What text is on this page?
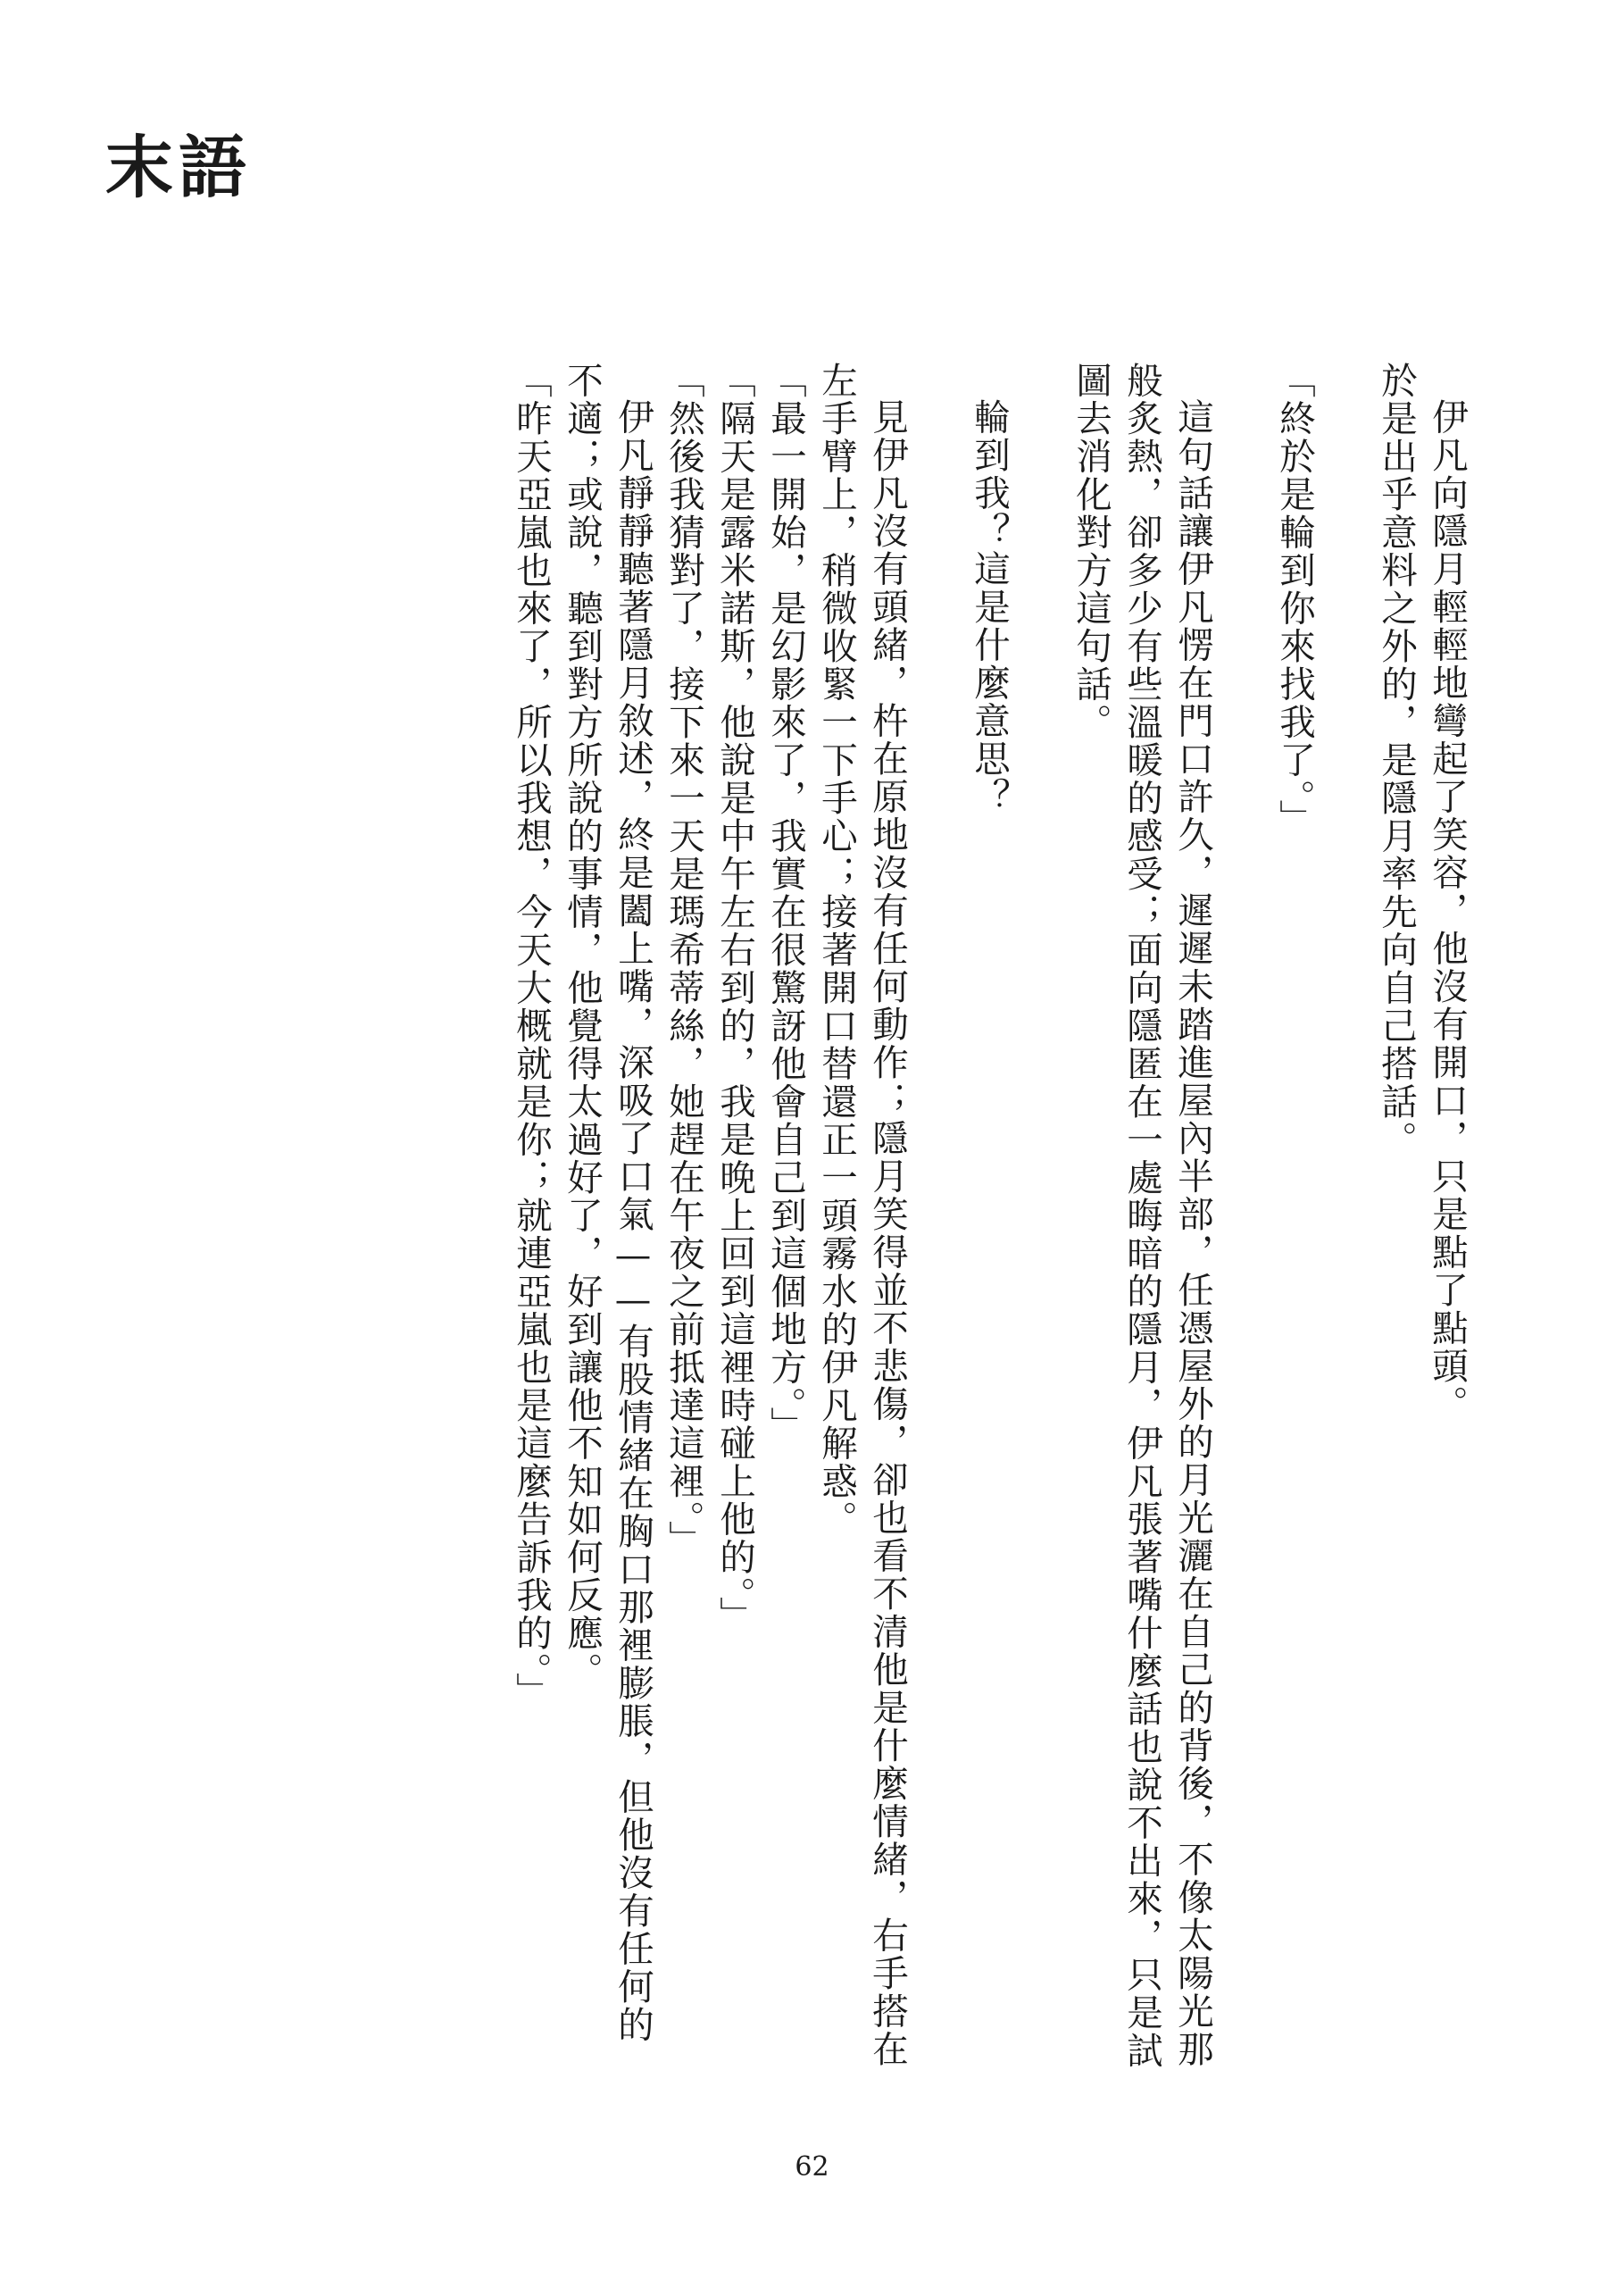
末語

伊凡向隱月輕輕地彎起了笑容，他沒有開口，只是點了點頭。

於是出乎意料之外的，是隱月率先向自己搭話。

「終於是輪到你來找我了。」

這句話讓伊凡愣在門口許久，遲遲未踏進屋內半部，任憑屋外的月光灑在自己的背後，不像太陽光那般炙熱，卻多少有些溫暖的感受；面向隱匿在一處晦暗的隱月，伊凡張著嘴什麼話也說不出來，只是試圖去消化對方這句話。

輪到我？這是什麼意思？

見伊凡沒有頭緒，杵在原地沒有任何動作；隱月笑得並不悲傷，卻也看不清他是什麼情緒，右手搭在左手臂上，稍微收緊一下手心；接著開口替還正一頭霧水的伊凡解惑。

「最一開始，是幻影來了，我實在很驚訝他會自己到這個地方。」

「隔天是露米諾斯，他說是中午左右到的，我是晚上回到這裡時碰上他的。」

「然後我猜對了，接下來一天是瑪希蒂絲，她趕在午夜之前抵達這裡。」

伊凡靜靜聽著隱月敘述，終是闔上嘴，深吸了口氣——有股情緒在胸口那裡膨脹，但他沒有任何的不適；或說，聽到對方所說的事情，他覺得太過好了，好到讓他不知如何反應。

「昨天亞嵐也來了，所以我想，今天大概就是你；就連亞嵐也是這麼告訴我的。」

62
